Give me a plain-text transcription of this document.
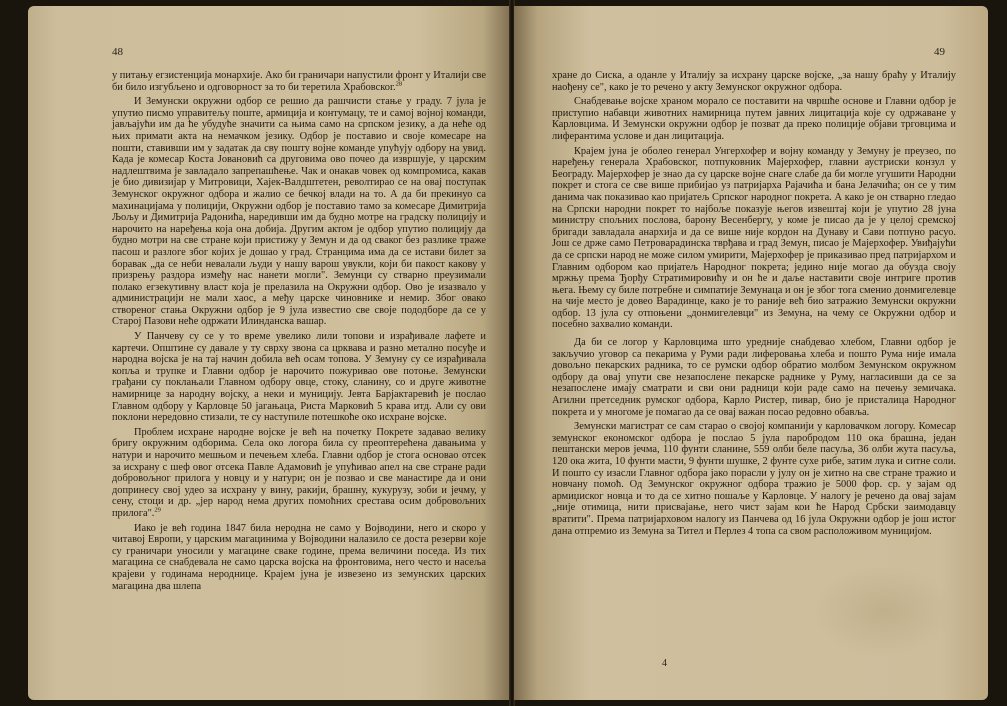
48

у питању егзистенција монархије. Ако би граничари напустили фронт у Италији све би било изгубљено и одговорност за то би теретила Храбовског.$^{28}$

И Земунски окружни одбор се решио да рашчисти стање у граду. 7 јула је упутио писмо управитељу поште, армиција и контумацу, те и самој војној команди, јављајући им да ће убудуће значити са њима само на српском језику, а да неће од њих примати акта на немачком језику. Одбор је поставио и своје комесаре на пошти, ставивши им у задатак да сву пошту војне команде упућују одбору на увид. Када је комесар Коста Јовановић са друговима ово почео да извршује, у царским надлештвима је завладало запрепашћење. Чак и онакав човек од компромиса, какав је био дивизијар у Митровици, Хајек-Валдштетен, револтирао се на овај поступак Земунског окружног одбора и жалио се бечкој влади на то. А да би прекинуо са махинацијама у полицији, Окружни одбор је поставио тамо за комесаре Димитрија Љољу и Димитрија Радонића, наредивши им да будно мотре на градску полицију и нарочито на наређења која она добија. Другим актом је одбор упутио полицију да будно мотри на све стране који пристижу у Земун и да од сваког без разлике траже пасош и разлоге због којих је дошао у град. Странцима има да се истави билет за боравак „да се неби невалали људи у нашу варош увукли, који би пакост какову у призрењу раздора између нас нанети могли". Земунци су стварно преузимали полако егзекутивну власт која је прелазила на Окружни одбор. Ово је изазвало у администрацији не мали хаос, а међу царске чиновнике и немир. Због овако створеног стања Окружни одбор је 9 јула известио све своје пододборе да се у Старој Пазови неће одржати Илинданска вашар.

У Панчеву су се у то време увелико лили топови и израђивале лафете и картечи. Општине су давале у ту сврху звона са црквава и разно метално посуђе и народна војска је на тај начин добила већ осам топова. У Земуну су се израђивала копља и трупке и Главни одбор је нарочито пожуривао ове потоње. Земунски грађани су поклањали Главном одбору овце, стоку, сланину, со и друге животне намирнице за народну војску, а неки и муницију. Јевта Барјактаревић је послао Главном одбору у Карловце 50 јагањаца, Риста Марковић 5 крава итд. Али су ови поклони нередовно стизали, те су наступиле потешкоће око исхране војске.

Проблем исхране народне војске је већ на почетку Покрете задавао велику бригу окружним одборима. Села око логора била су преоптерећена давањима у натури и нарочито мешњом и печењем хлеба. Главни одбор је стога основао отсек за исхрану с шеф овог отсека Павле Адамовић је упућивао апел на све стране ради добровољног прилога у новцу и у натури; он је позвао и све манастире да и они допринесу свој удео за исхрану у вину, ракији, брашну, кукурузу, зоби и јечму, у сену, стоци и др. „јер народ нема других помоћних срестава осим добровољних прилога".$^{29}$

Иако је већ година 1847 била неродна не само у Војводини, него и скоро у читавој Европи, у царским магацинима у Војводини налазило се доста резерви које су граничари уносили у магацине сваке године, према величини поседа. Из тих магацина се снабдевала не само царска војска на фронтовима, него често и насеља крајеви у годинама нероднице. Крајем јуна је извезено из земунских царских магацина два шлепа

49

хране до Сиска, а оданле у Италију за исхрану царске војске, „за нашу браћу у Италију наођену се", како је то речено у акту Земунског окружног одбора.

Снабдевање војске храном морало се поставити на чвршће основе и Главни одбор је приступио набавци животних намирница путем јавних лицитација које су одржаване у Карловцима. И Земунски окружни одбор је позват да преко полиције објави трговцима и лиферантима услове и дан лицитација.

Крајем јуна је оболео генерал Унгерхофер и војну команду у Земуну је преузео, по наређењу генерала Храбовског, потпуковник Мајерхофер, главни аустриски конзул у Београду. Мајерхофер је знао да су царске војне снаге слабе да би могле угушити Народни покрет и стога се све више прибијао уз патријарха Рајачића и бана Јелачића; он се у тим данима чак показивао као пријатељ Српског народног покрета. А како је он стварно гледао на Српски народни покрет то најбоље показује његов извештај који је упутио 28 јуна министру спољних послова, барону Весенбергу, у коме је писао да је у целој сремској бригади завладала анархија и да се више није кордон на Дунаву и Сави потпуно расуо. Још се држе само Петроварадинска тврђава и град Земун, писао је Мајерхофер. Увиђајући да се српски народ не може силом умирити, Мајерхофер је приказивао пред патријархом и Главним одбором као пријатељ Народног покрета; једино није могао да обузда своју мржњу према Ђорђу Стратимировићу и он ће и даље наставити своје интриге против њега. Њему су биле потребне и симпатије Земунаца и он је због тога сменио донмигелевце на чије место је довео Варадинце, како је то раније већ био затражио Земунски окружни одбор. 13 јула су отпоњени „донмигелевци" из Земуна, на чему се Окружни одбор и посебно захвалио команди.

Да би се логор у Карловцима што уредније снабдевао хлебом, Главни одбор је закључио уговор са пекарима у Руми ради лиферовања хлеба и пошто Рума није имала довољно пекарских радника, то се румски одбор обратио молбом Земунском окружном одбору да овај упути све незапослене пекарске раднике у Руму, нагласивши да се за незапослене имају сматрати и сви они радници који раде само на печењу земичака. Агилни претседник румског одбора, Карло Ристер, пивар, био је присталица Народног покрета и у многоме је помагао да се овај важан посао редовно обавља.

Земунски магистрат се сам старао о својој компанији у карловачком логору. Комесар земунског економског одбора је послао 5 јула паробродом 110 ока брашна, један пештански меров јечма, 110 фунти сланине, 559 олби беле пасуља, 36 олби жута пасуља, 120 ока жита, 10 фунти масти, 9 фунти шушке, 2 фунте сухе рибе, затим лука и ситне соли. И пошто су изасли Главног одбора јако порасли у јулу он је хитно на све стране тражио и новчану помоћ. Од Земунског окружног одбора тражио је 5000 фор. ср. у зајам од армиџиског новца и то да се хитно пошаље у Карловце. У налогу је речено да овај зајам „није отимица, нити присвајање, него чист зајам кои ће Народ Србски заимодавцу вратити". Према патријарховом налогу из Панчева од 16 јула Окружни одбор је још истог дана отпремио из Земуна за Тител и Перлез 4 топа са свом расположивом муницијом.

4
